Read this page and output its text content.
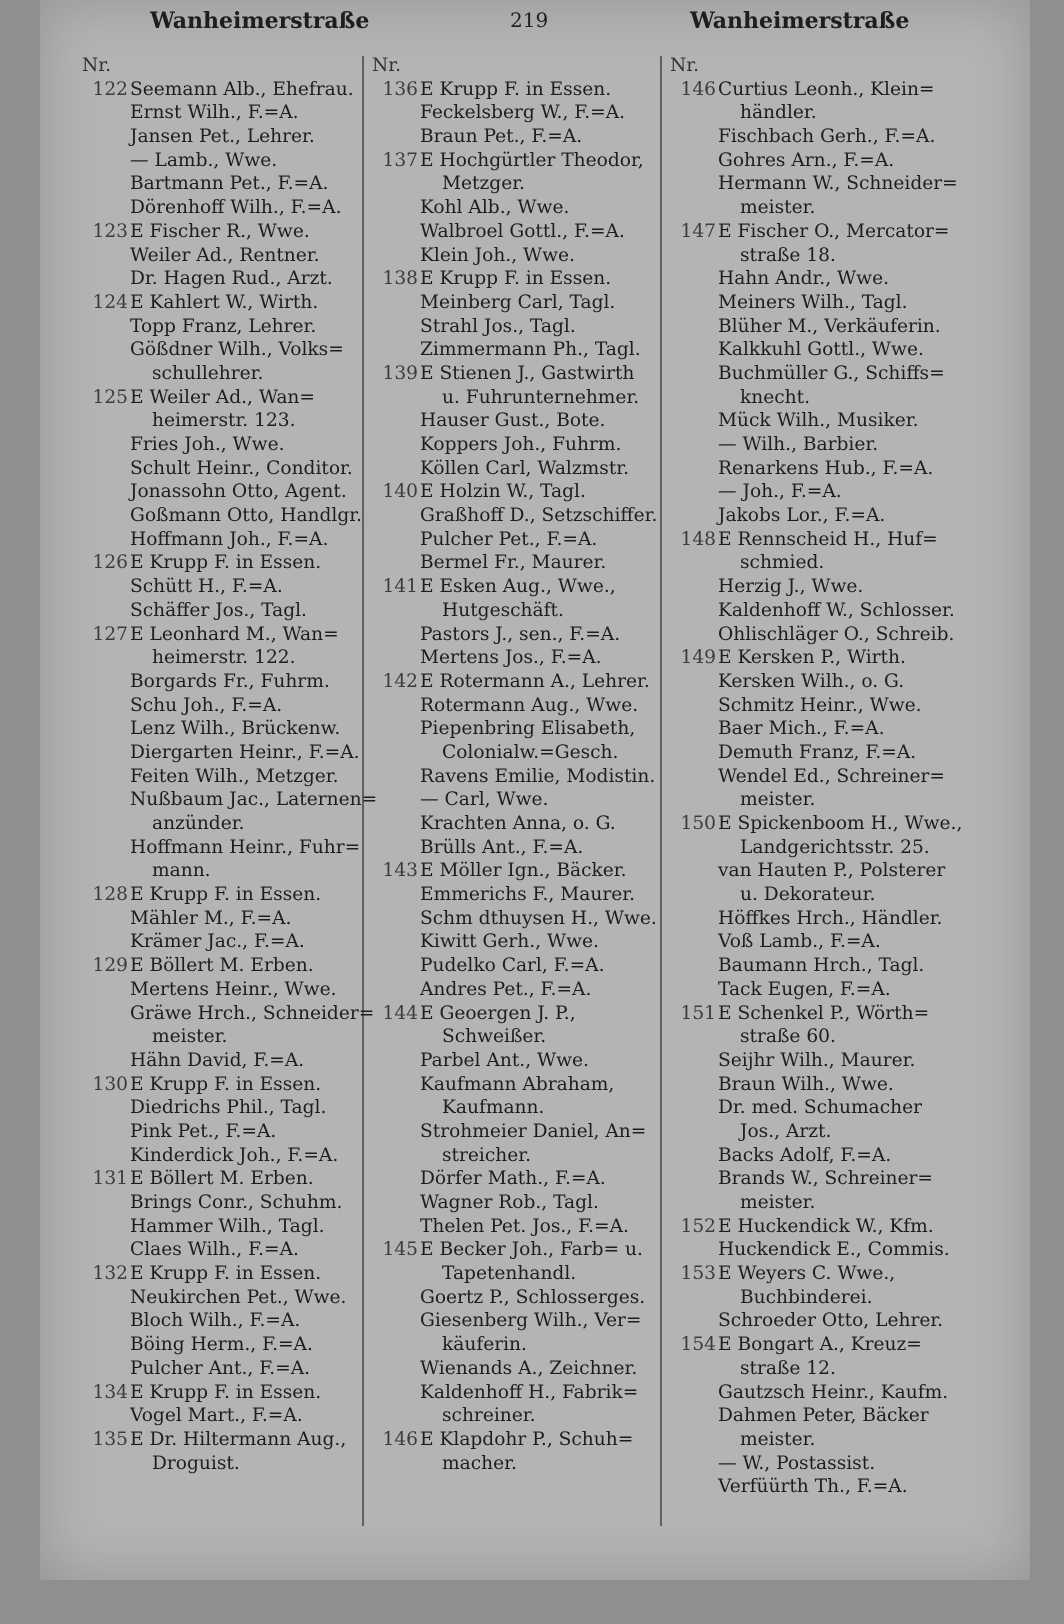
Wanheimerstraße	219	Wanheimerstraße
Nr.
122 Seemann Alb., Ehefrau.
Ernst Wilh., F.=A.
Jansen Pet., Lehrer.
— Lamb., Wwe.
Bartmann Pet., F.=A.
Dörenhoff Wilh., F.=A.
123 E Fischer R., Wwe.
Weiler Ad., Rentner.
Dr. Hagen Rud., Arzt.
124 E Kahlert W., Wirth.
Topp Franz, Lehrer.
Gößdner Wilh., Volks=
schullehrer.
125 E Weiler Ad., Wan=
heimerstr. 123.
Fries Joh., Wwe.
Schult Heinr., Conditor.
Jonassohn Otto, Agent.
Goßmann Otto, Handlgr.
Hoffmann Joh., F.=A.
126 E Krupp F. in Essen.
Schütt H., F.=A.
Schäffer Jos., Tagl.
127 E Leonhard M., Wan=
heimerstr. 122.
Borgards Fr., Fuhrm.
Schu Joh., F.=A.
Lenz Wilh., Brückenw.
Diergarten Heinr., F.=A.
Feiten Wilh., Metzger.
Nußbaum Jac., Laternen=
anzünder.
Hoffmann Heinr., Fuhr=
mann.
128 E Krupp F. in Essen.
Mähler M., F.=A.
Krämer Jac., F.=A.
129 E Böllert M. Erben.
Mertens Heinr., Wwe.
Gräwe Hrch., Schneider=
meister.
Hähn David, F.=A.
130 E Krupp F. in Essen.
Diedrichs Phil., Tagl.
Pink Pet., F.=A.
Kinderdick Joh., F.=A.
131 E Böllert M. Erben.
Brings Conr., Schuhm.
Hammer Wilh., Tagl.
Claes Wilh., F.=A.
132 E Krupp F. in Essen.
Neukirchen Pet., Wwe.
Bloch Wilh., F.=A.
Böing Herm., F.=A.
Pulcher Ant., F.=A.
134 E Krupp F. in Essen.
Vogel Mart., F.=A.
135 E Dr. Hiltermann Aug.,
Droguist.
Nr.
136 E Krupp F. in Essen.
Feckelsberg W., F.=A.
Braun Pet., F.=A.
137 E Hochgürtler Theodor,
Metzger.
Kohl Alb., Wwe.
Walbroel Gottl., F.=A.
Klein Joh., Wwe.
138 E Krupp F. in Essen.
Meinberg Carl, Tagl.
Strahl Jos., Tagl.
Zimmermann Ph., Tagl.
139 E Stienen J., Gastwirth
u. Fuhrunternehmer.
Hauser Gust., Bote.
Koppers Joh., Fuhrm.
Köllen Carl, Walzmstr.
140 E Holzin W., Tagl.
Graßhoff D., Setzschiffer.
Pulcher Pet., F.=A.
Bermel Fr., Maurer.
141 E Esken Aug., Wwe.,
Hutgeschäft.
Pastors J., sen., F.=A.
Mertens Jos., F.=A.
142 E Rotermann A., Lehrer.
Rotermann Aug., Wwe.
Piepenbring Elisabeth,
Colonialw.=Gesch.
Ravens Emilie, Modistin.
— Carl, Wwe.
Krachten Anna, o. G.
Brülls Ant., F.=A.
143 E Möller Ign., Bäcker.
Emmerichs F., Maurer.
Schm dthuysen H., Wwe.
Kiwitt Gerh., Wwe.
Pudelko Carl, F.=A.
Andres Pet., F.=A.
144 E Geoergen J. P.,
Schweißer.
Parbel Ant., Wwe.
Kaufmann Abraham,
Kaufmann.
Strohmeier Daniel, An=
streicher.
Dörfer Math., F.=A.
Wagner Rob., Tagl.
Thelen Pet. Jos., F.=A.
145 E Becker Joh., Farb= u.
Tapetenhandl.
Goertz P., Schlosserges.
Giesenberg Wilh., Ver=
käuferin.
Wienands A., Zeichner.
Kaldenhoff H., Fabrik=
schreiner.
146 E Klapdohr P., Schuh=
macher.
Nr.
146 Curtius Leonh., Klein=
händler.
Fischbach Gerh., F.=A.
Gohres Arn., F.=A.
Hermann W., Schneider=
meister.
147 E Fischer O., Mercator=
straße 18.
Hahn Andr., Wwe.
Meiners Wilh., Tagl.
Blüher M., Verkäuferin.
Kalkkuhl Gottl., Wwe.
Buchmüller G., Schiffs=
knecht.
Mück Wilh., Musiker.
— Wilh., Barbier.
Renarkens Hub., F.=A.
— Joh., F.=A.
Jakobs Lor., F.=A.
148 E Rennscheid H., Huf=
schmied.
Herzig J., Wwe.
Kaldenhoff W., Schlosser.
Ohlischläger O., Schreib.
149 E Kersken P., Wirth.
Kersken Wilh., o. G.
Schmitz Heinr., Wwe.
Baer Mich., F.=A.
Demuth Franz, F.=A.
Wendel Ed., Schreiner=
meister.
150 E Spickenboom H., Wwe.,
Landgerichtsstr. 25.
van Hauten P., Polsterer
u. Dekorateur.
Höffkes Hrch., Händler.
Voß Lamb., F.=A.
Baumann Hrch., Tagl.
Tack Eugen, F.=A.
151 E Schenkel P., Wörth=
straße 60.
Seijhr Wilh., Maurer.
Braun Wilh., Wwe.
Dr. med. Schumacher
Jos., Arzt.
Backs Adolf, F.=A.
Brands W., Schreiner=
meister.
152 E Huckendick W., Kfm.
Huckendick E., Commis.
153 E Weyers C. Wwe.,
Buchbinderei.
Schroeder Otto, Lehrer.
154 E Bongart A., Kreuz=
straße 12.
Gautzsch Heinr., Kaufm.
Dahmen Peter, Bäcker
meister.
— W., Postassist.
Verfüürth Th., F.=A.
